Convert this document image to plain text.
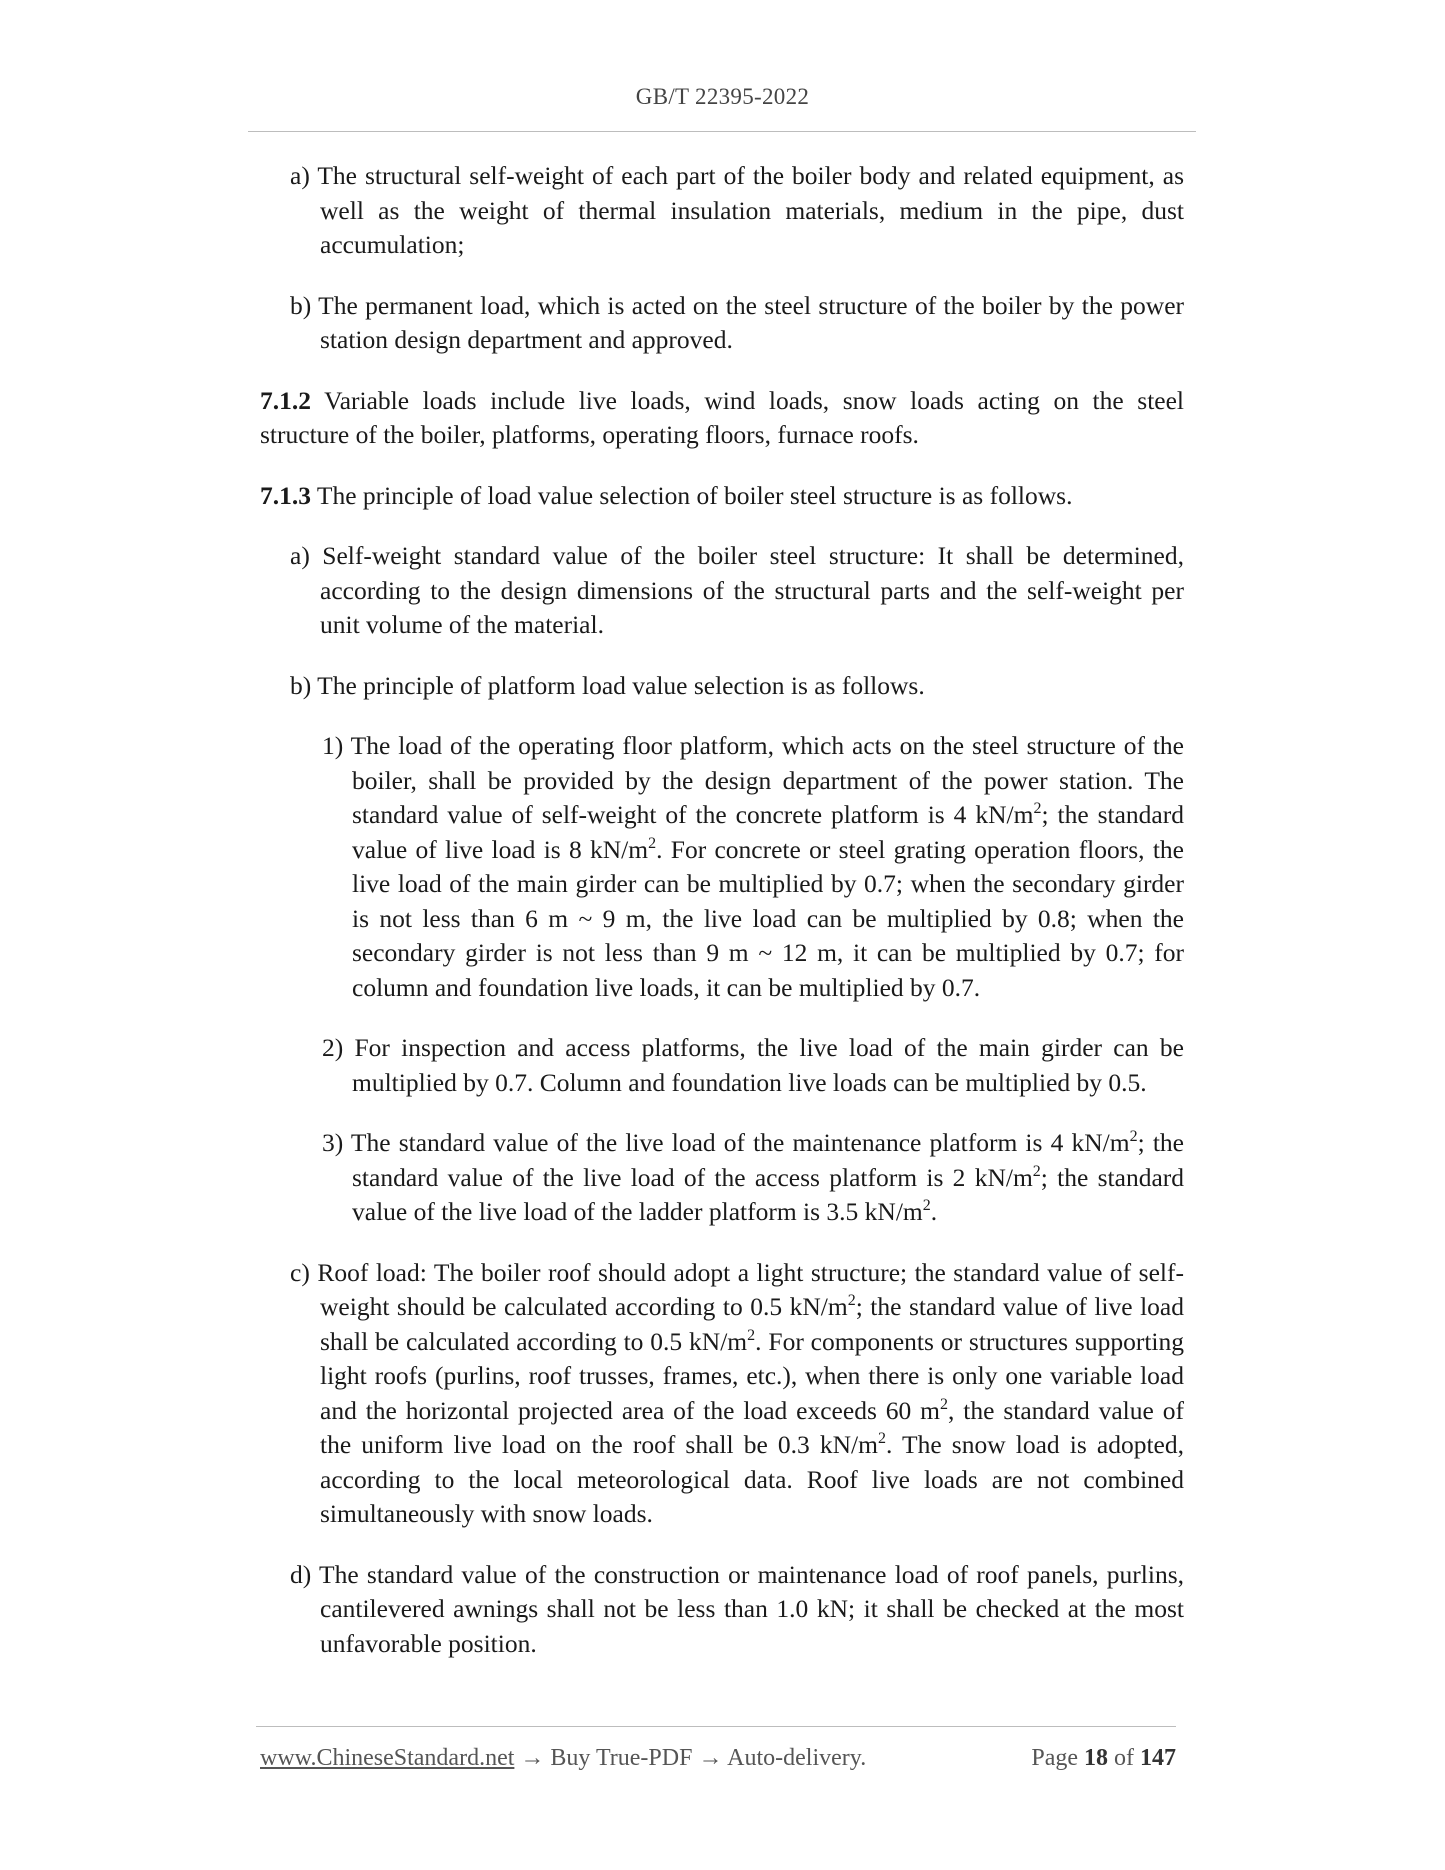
GB/T 22395-2022

a) The structural self-weight of each part of the boiler body and related equipment, as well as the weight of thermal insulation materials, medium in the pipe, dust accumulation;

b) The permanent load, which is acted on the steel structure of the boiler by the power station design department and approved.

7.1.2 Variable loads include live loads, wind loads, snow loads acting on the steel structure of the boiler, platforms, operating floors, furnace roofs.

7.1.3 The principle of load value selection of boiler steel structure is as follows.

a) Self-weight standard value of the boiler steel structure: It shall be determined, according to the design dimensions of the structural parts and the self-weight per unit volume of the material.

b) The principle of platform load value selection is as follows.

1) The load of the operating floor platform, which acts on the steel structure of the boiler, shall be provided by the design department of the power station. The standard value of self-weight of the concrete platform is 4 $kN/m^2$; the standard value of live load is 8 $kN/m^2$. For concrete or steel grating operation floors, the live load of the main girder can be multiplied by 0.7; when the secondary girder is not less than 6 m ~ 9 m, the live load can be multiplied by 0.8; when the secondary girder is not less than 9 m ~ 12 m, it can be multiplied by 0.7; for column and foundation live loads, it can be multiplied by 0.7.

2) For inspection and access platforms, the live load of the main girder can be multiplied by 0.7. Column and foundation live loads can be multiplied by 0.5.

3) The standard value of the live load of the maintenance platform is 4 $kN/m^2$; the standard value of the live load of the access platform is 2 $kN/m^2$; the standard value of the live load of the ladder platform is 3.5 $kN/m^2$.

c) Roof load: The boiler roof should adopt a light structure; the standard value of self-weight should be calculated according to 0.5 $kN/m^2$; the standard value of live load shall be calculated according to 0.5 $kN/m^2$. For components or structures supporting light roofs (purlins, roof trusses, frames, etc.), when there is only one variable load and the horizontal projected area of the load exceeds 60 $m^2$, the standard value of the uniform live load on the roof shall be 0.3 $kN/m^2$. The snow load is adopted, according to the local meteorological data. Roof live loads are not combined simultaneously with snow loads.

d) The standard value of the construction or maintenance load of roof panels, purlins, cantilevered awnings shall not be less than 1.0 kN; it shall be checked at the most unfavorable position.

www.ChineseStandard.net → Buy True-PDF → Auto-delivery.	Page 18 of 147
